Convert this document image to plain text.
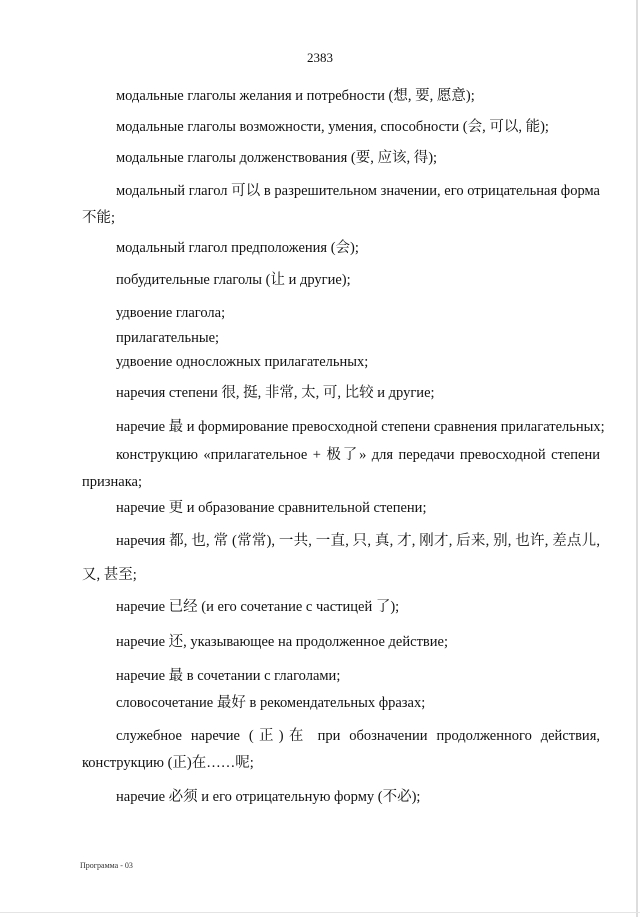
2383
модальные глаголы желания и потребности (想, 要, 愿意);
модальные глаголы возможности, умения, способности (会, 可以, 能);
модальные глаголы долженствования (要, 应该, 得);
модальный глагол 可以 в разрешительном значении, его отрицательная форма
不能;
модальный глагол предположения (会);
побудительные глаголы (让 и другие);
удвоение глагола;
прилагательные;
удвоение односложных прилагательных;
наречия степени 很, 挺, 非常, 太, 可, 比较 и другие;
наречие 最 и формирование превосходной степени сравнения прилагательных;
конструкцию «прилагательное + 极了» для передачи превосходной степени
признака;
наречие 更 и образование сравнительной степени;
наречия 都, 也, 常 (常常), 一共, 一直, 只, 真, 才, 刚才, 后来, 别, 也许, 差点儿,
又, 甚至;
наречие 已经 (и его сочетание с частицей 了);
наречие 还, указывающее на продолженное действие;
наречие 最 в сочетании с глаголами;
словосочетание 最好 в рекомендательных фразах;
служебное наречие (正)在 при обозначении продолженного действия,
конструкцию (正)在……呢;
наречие 必须 и его отрицательную форму (不必);
Программа - 03
